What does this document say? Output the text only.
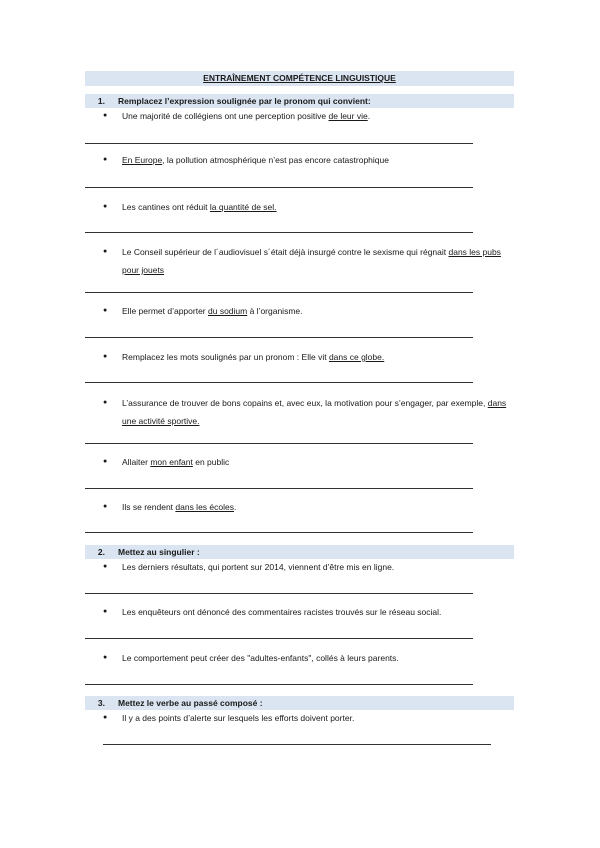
ENTRAÎNEMENT COMPÉTENCE LINGUISTIQUE
1. Remplacez l’expression soulignée par le pronom qui convient:
● Une majorité de collégiens ont une perception positive de leur vie.
● En Europe, la pollution atmosphérique n’est pas encore catastrophique
● Les cantines ont réduit la quantité de sel.
● Le Conseil supérieur de l´audiovisuel s´était déjà insurgé contre le sexisme qui régnait dans les pubs pour jouets
● Elle permet d’apporter du sodium à l’organisme.
● Remplacez les mots soulignés par un pronom : Elle vit dans ce globe.
● L’assurance de trouver de bons copains et, avec eux, la motivation pour s’engager, par exemple, dans une activité sportive.
● Allaiter mon enfant en public
● Ils se rendent dans les écoles.
2. Mettez au singulier :
● Les derniers résultats, qui portent sur 2014, viennent d’être mis en ligne.
● Les enquêteurs ont dénoncé des commentaires racistes trouvés sur le réseau social.
● Le comportement peut créer des "adultes-enfants", collés à leurs parents.
3. Mettez le verbe au passé composé :
● Il y a des points d’alerte sur lesquels les efforts doivent porter.
